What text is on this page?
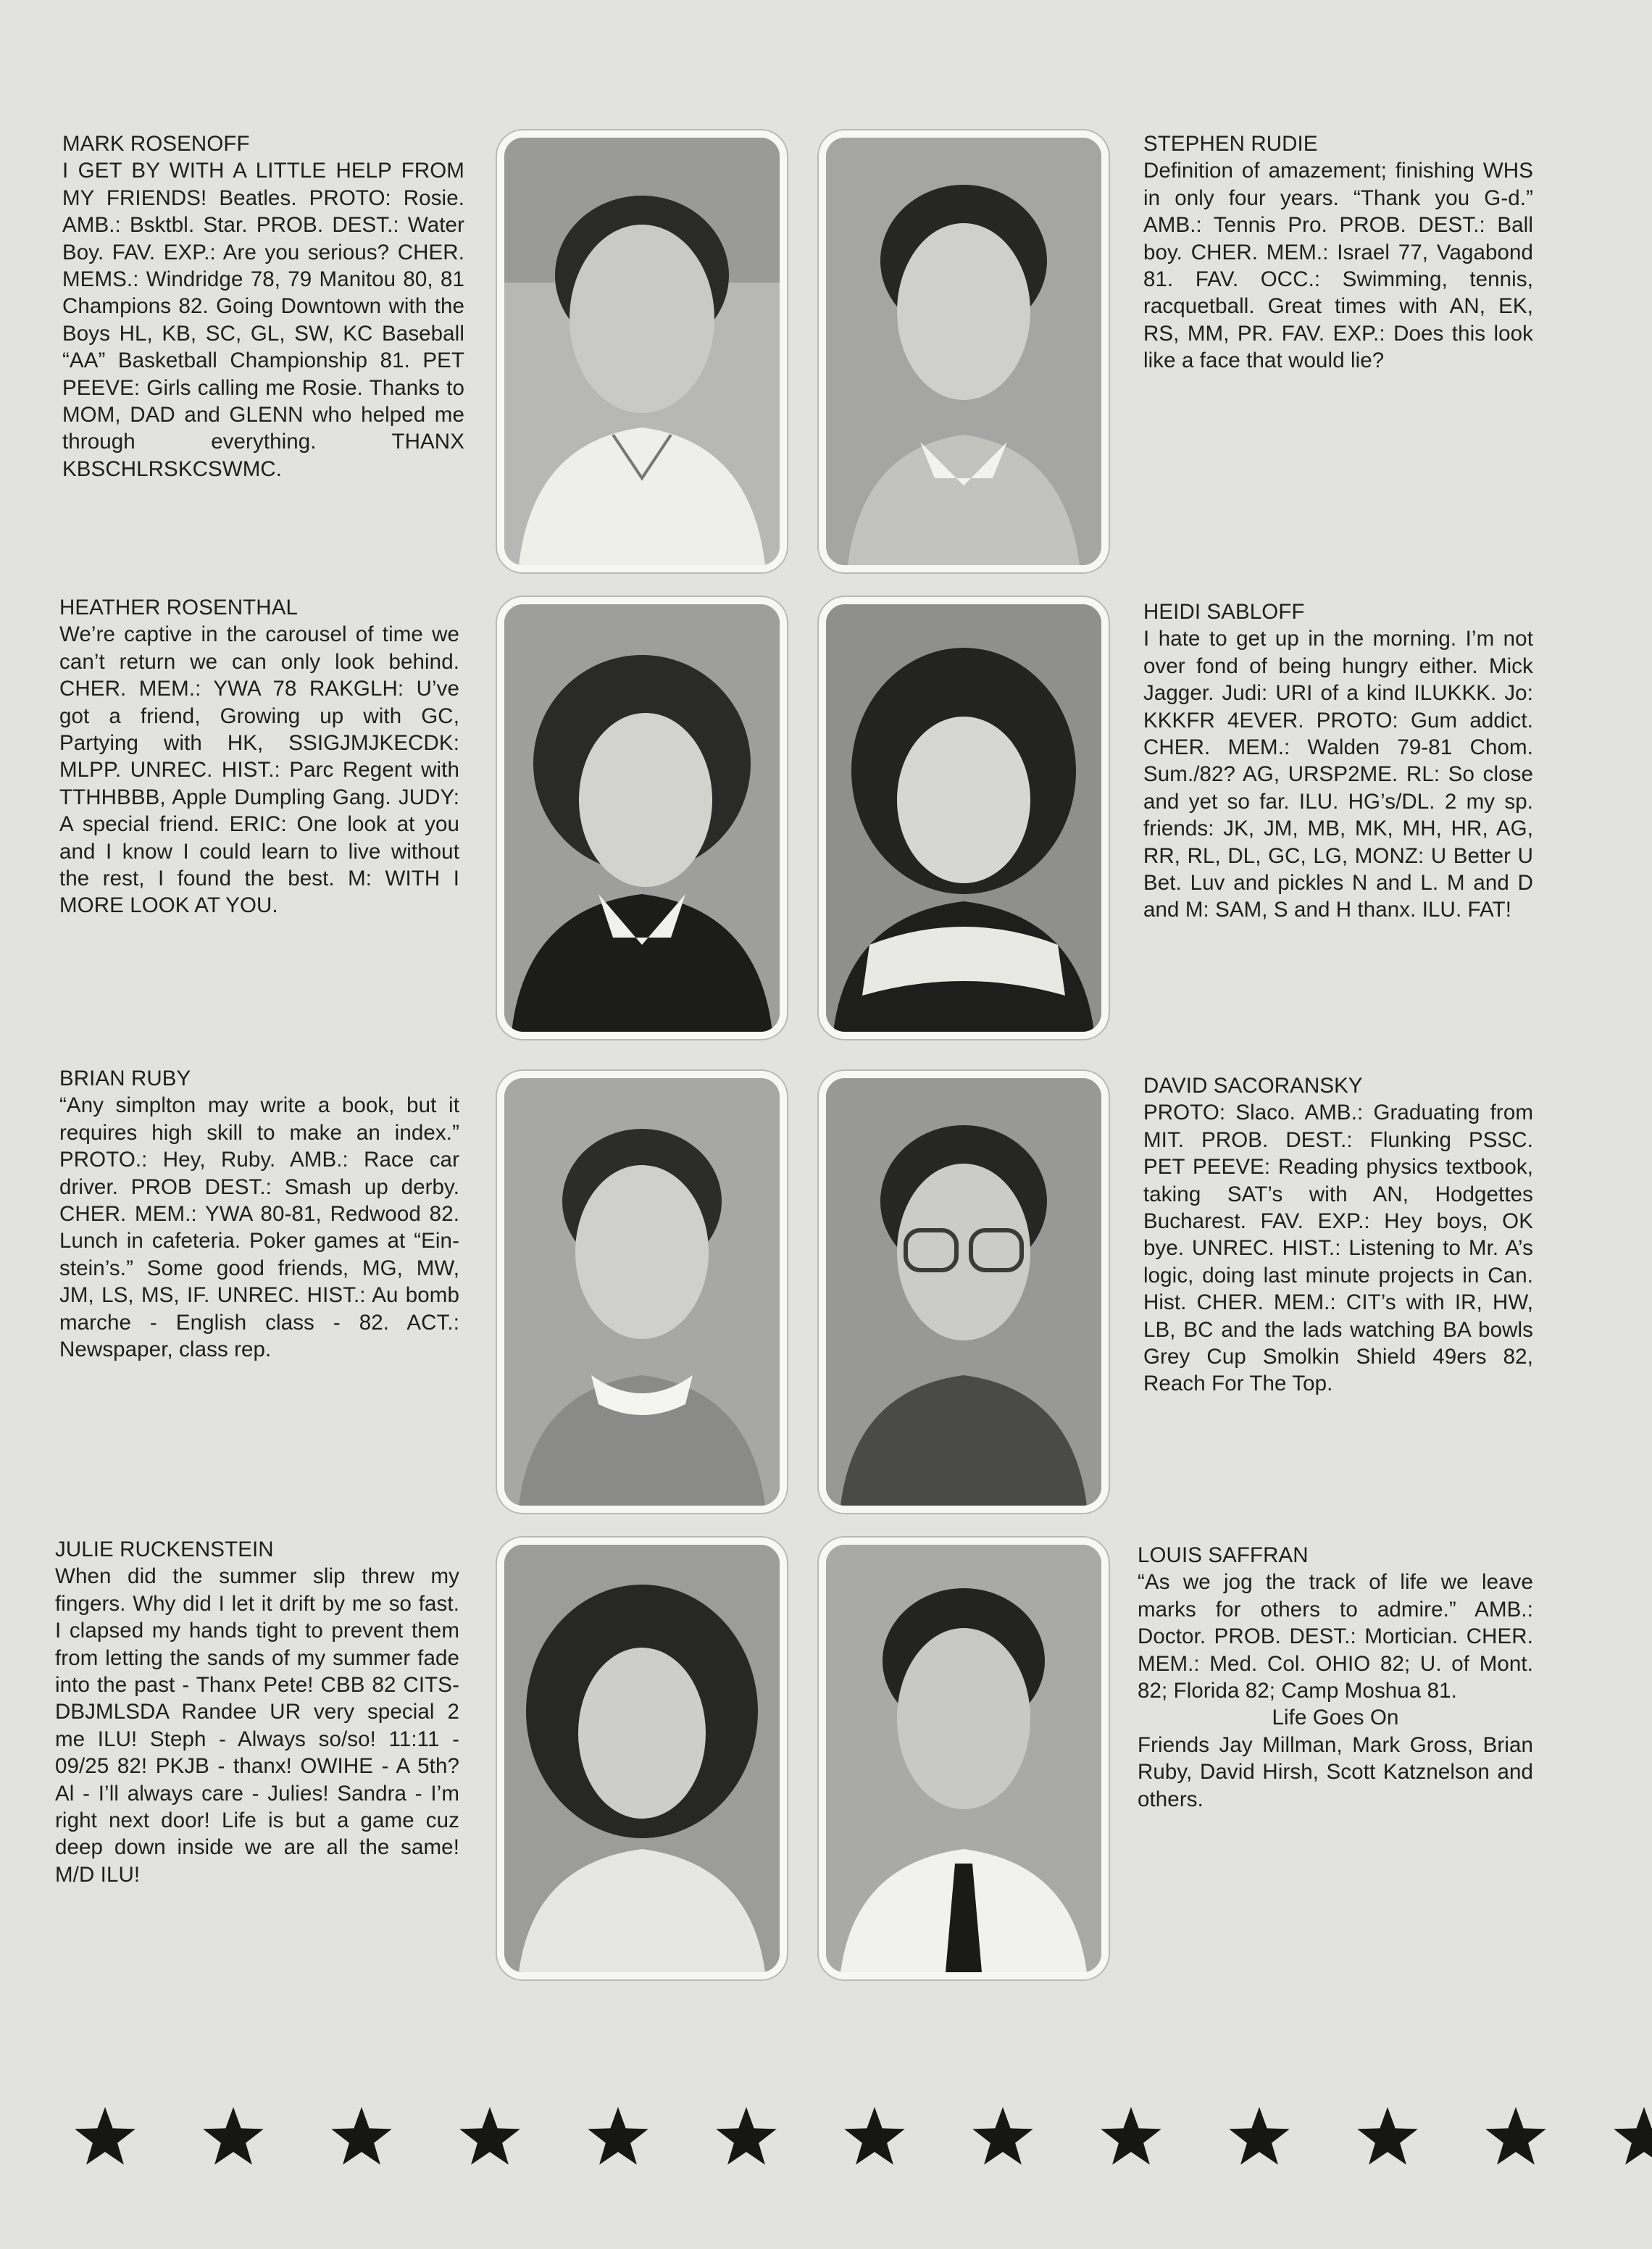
MARK ROSENOFF

I GET BY WITH A LITTLE HELP FROM MY FRIENDS! Beatles. PROTO: Rosie. AMB.: Bsktbl. Star. PROB. DEST.: Water Boy. FAV. EXP.: Are you serious? CHER. MEMS.: Windridge 78, 79 Manitou 80, 81 Champions 82. Going Downtown with the Boys HL, KB, SC, GL, SW, KC Baseball “AA” Basketball Championship 81. PET PEEVE: Girls calling me Rosie. Thanks to MOM, DAD and GLENN who helped me through everything. THANX KBSCHLRSKCSWMC.

STEPHEN RUDIE

Definition of amazement; finishing WHS in only four years. “Thank you G-d.” AMB.: Tennis Pro. PROB. DEST.: Ball boy. CHER. MEM.: Israel 77, Vagabond 81. FAV. OCC.: Swimming, tennis, racquetball. Great times with AN, EK, RS, MM, PR. FAV. EXP.: Does this look like a face that would lie?

HEATHER ROSENTHAL

We’re captive in the carousel of time we can’t return we can only look behind. CHER. MEM.: YWA 78 RAKGLH: U’ve got a friend, Growing up with GC, Partying with HK, SSIGJMJKECDK: MLPP. UNREC. HIST.: Parc Regent with TTHHBBB, Apple Dumpling Gang. JUDY: A special friend. ERIC: One look at you and I know I could learn to live without the rest, I found the best. M: WITH I MORE LOOK AT YOU.

HEIDI SABLOFF

I hate to get up in the morning. I’m not over fond of being hungry either. Mick Jagger. Judi: URI of a kind ILUKKK. Jo: KKKFR 4EVER. PROTO: Gum addict. CHER. MEM.: Walden 79-81 Chom. Sum./82? AG, URSP2ME. RL: So close and yet so far. ILU. HG’s/DL. 2 my sp. friends: JK, JM, MB, MK, MH, HR, AG, RR, RL, DL, GC, LG, MONZ: U Better U Bet. Luv and pickles N and L. M and D and M: SAM, S and H thanx. ILU. FAT!

BRIAN RUBY

“Any simplton may write a book, but it requires high skill to make an index.” PROTO.: Hey, Ruby. AMB.: Race car driver. PROB DEST.: Smash up derby. CHER. MEM.: YWA 80-81, Redwood 82. Lunch in cafeteria. Poker games at “Ein-stein’s.” Some good friends, MG, MW, JM, LS, MS, IF. UNREC. HIST.: Au bomb marche - English class - 82. ACT.: Newspaper, class rep.

DAVID SACORANSKY

PROTO: Slaco. AMB.: Graduating from MIT. PROB. DEST.: Flunking PSSC. PET PEEVE: Reading physics textbook, taking SAT’s with AN, Hodgettes Bucharest. FAV. EXP.: Hey boys, OK bye. UNREC. HIST.: Listening to Mr. A’s logic, doing last minute projects in Can. Hist. CHER. MEM.: CIT’s with IR, HW, LB, BC and the lads watching BA bowls Grey Cup Smolkin Shield 49ers 82, Reach For The Top.

JULIE RUCKENSTEIN

When did the summer slip threw my fingers. Why did I let it drift by me so fast. I clapsed my hands tight to prevent them from letting the sands of my summer fade into the past - Thanx Pete! CBB 82 CITS-DBJMLSDA Randee UR very special 2 me ILU! Steph - Always so/so! 11:11 - 09/25 82! PKJB - thanx! OWIHE - A 5th? Al - I’ll always care - Julies! Sandra - I’m right next door! Life is but a game cuz deep down inside we are all the same! M/D ILU!

LOUIS SAFFRAN

“As we jog the track of life we leave marks for others to admire.” AMB.: Doctor. PROB. DEST.: Mortician. CHER. MEM.: Med. Col. OHIO 82; U. of Mont. 82; Florida 82; Camp Moshua 81.

Life Goes On

Friends Jay Millman, Mark Gross, Brian Ruby, David Hirsh, Scott Katznelson and others.
